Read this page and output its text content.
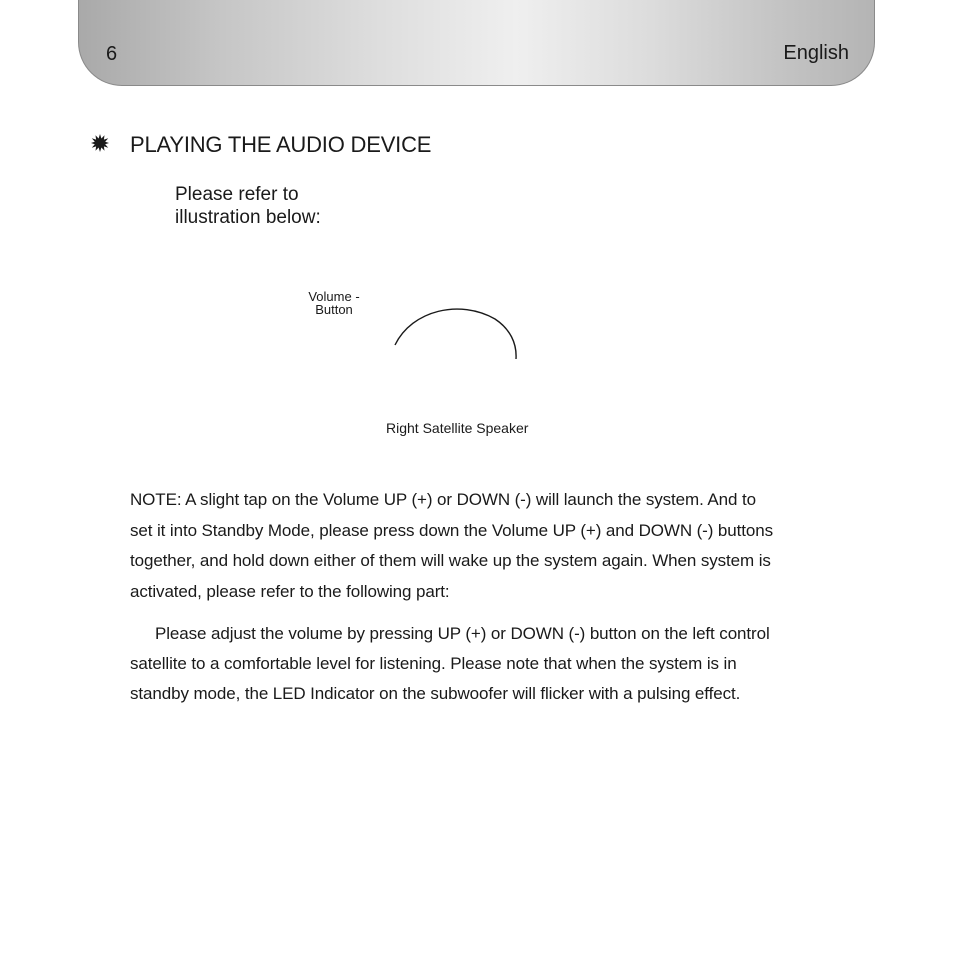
6	English
PLAYING THE AUDIO DEVICE
Please refer to
illustration below:
Volume -
Button
Right Satellite Speaker
NOTE: A slight tap on the Volume UP (+) or DOWN (-) will launch the system. And to
set it into Standby Mode, please press down the Volume UP (+) and DOWN (-) buttons
together, and hold down either of them will wake up the system again. When system is
activated, please refer to the following part:
Please adjust the volume by pressing UP (+) or DOWN (-) button on the left control
satellite to a comfortable level for listening. Please note that when the system is in
standby mode, the LED Indicator on the subwoofer will flicker with a pulsing effect.
